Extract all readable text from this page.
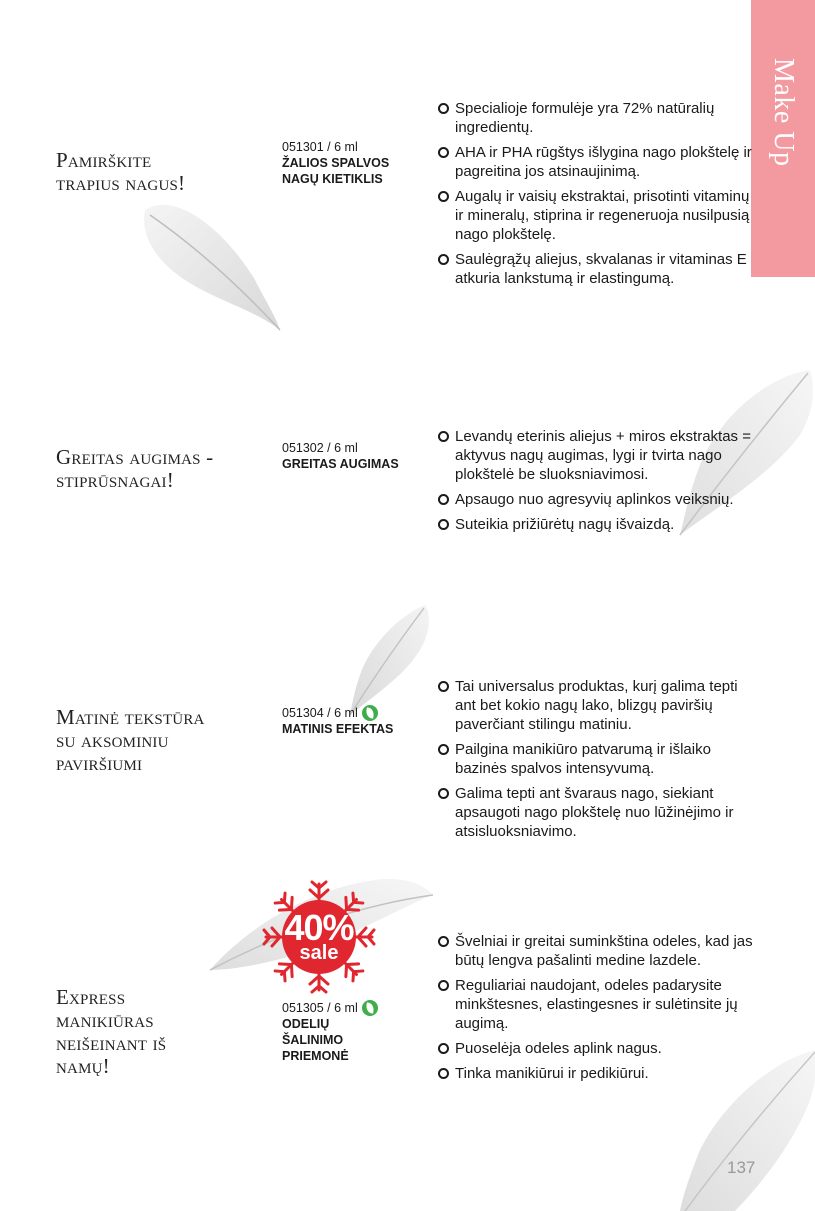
Make Up
Pamirškite
trapius nagus!
051301 / 6 ml
ŽALIOS SPALVOS
NAGŲ KIETIKLIS
Specialioje formulėje yra 72% natūralių ingredientų.
AHA ir PHA rūgštys išlygina nago plokštelę ir pagreitina jos atsinaujinimą.
Augalų ir vaisių ekstraktai, prisotinti vitaminų ir mineralų, stiprina ir regeneruoja nusilpusią nago plokštelę.
Saulėgrąžų aliejus, skvalanas ir vitaminas E atkuria lankstumą ir elastingumą.
Greitas augimas -
stiprūsnagai!
051302 / 6 ml
GREITAS AUGIMAS
Levandų eterinis aliejus + miros ekstraktas = aktyvus nagų augimas, lygi ir tvirta nago plokštelė be sluoksniavimosi.
Apsaugo nuo agresyvių aplinkos veiksnių.
Suteikia prižiūrėtų nagų išvaizdą.
Matinė tekstūra
su aksominiu
paviršiumi
051304 / 6 ml
MATINIS EFEKTAS
Tai universalus produktas, kurį galima tepti ant bet kokio nagų lako, blizgų paviršių paverčiant stilingu matiniu.
Pailgina manikiūro patvarumą ir išlaiko bazinės spalvos intensyvumą.
Galima tepti ant švaraus nago, siekiant apsaugoti nago plokštelę nuo lūžinėjimo ir atsisluoksniavimo.
40%
sale
Express
manikiūras
neišeinant iš
namų!
051305 / 6 ml
ODELIŲ
ŠALINIMO
PRIEMONĖ
Švelniai ir greitai suminkština odeles, kad jas būtų lengva pašalinti medine lazdele.
Reguliariai naudojant, odeles padarysite minkštesnes, elastingesnes ir sulėtinsite jų augimą.
Puoselėja odeles aplink nagus.
Tinka manikiūrui ir pedikiūrui.
137
